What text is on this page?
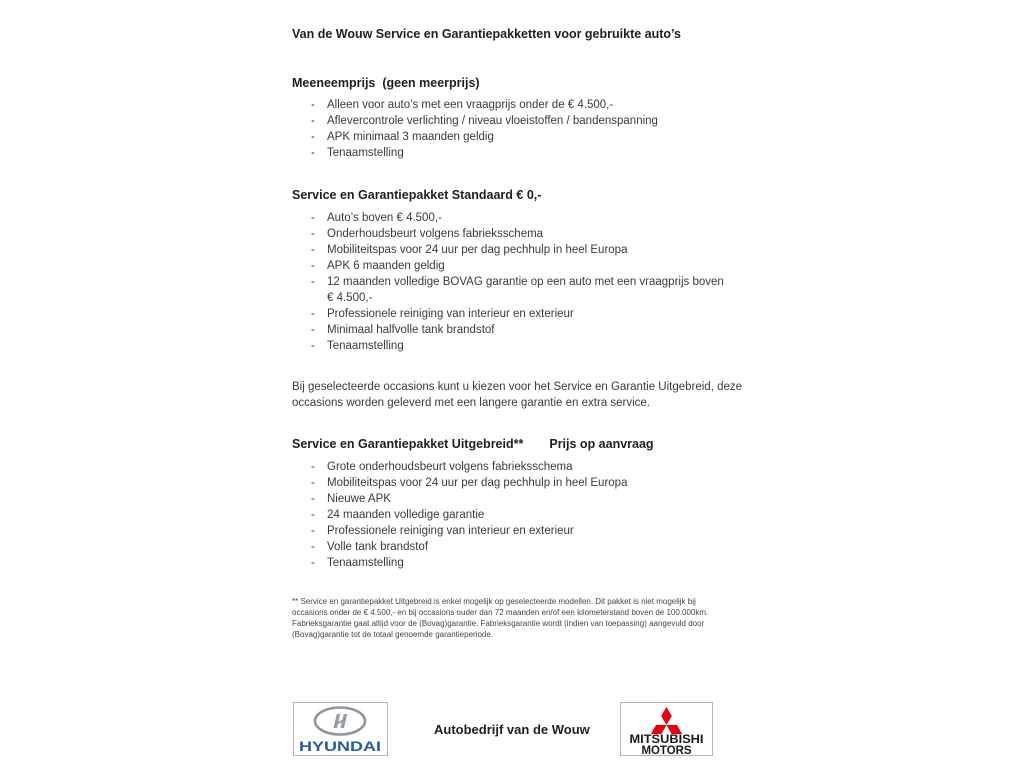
Van de Wouw Service en Garantiepakketten voor gebruikte auto’s
Meeneemprijs  (geen meerprijs)
- Alleen voor auto’s met een vraagprijs onder de € 4.500,-
- Aflevercontrole verlichting / niveau vloeistoffen / bandenspanning
- APK minimaal 3 maanden geldig
- Tenaamstelling
Service en Garantiepakket Standaard € 0,-
- Auto’s boven € 4.500,-
- Onderhoudsbeurt volgens fabrieksschema
- Mobiliteitspas voor 24 uur per dag pechhulp in heel Europa
- APK 6 maanden geldig
- 12 maanden volledige BOVAG garantie op een auto met een vraagprijs boven € 4.500,-
- Professionele reiniging van interieur en exterieur
- Minimaal halfvolle tank brandstof
- Tenaamstelling

Bij geselecteerde occasions kunt u kiezen voor het Service en Garantie Uitgebreid, deze occasions worden geleverd met een langere garantie en extra service.

Service en Garantiepakket Uitgebreid** Prijs op aanvraag
- Grote onderhoudsbeurt volgens fabrieksschema
- Mobiliteitspas voor 24 uur per dag pechhulp in heel Europa
- Nieuwe APK
- 24 maanden volledige garantie
- Professionele reiniging van interieur en exterieur
- Volle tank brandstof
- Tenaamstelling

** Service en garantiepakket Uitgebreid is enkel mogelijk op geselecteerde modellen. Dit pakket is niet mogelijk bij occasions onder de € 4.500,- en bij occasions ouder dan 72 maanden en/of een kilometerstand boven de 100.000km.  Fabrieksgarantie gaat altijd voor de (Bovag)garantie. Fabrieksgarantie wordt (indien van toepassing) aangevuld door (Bovag)garantie tot de totaal genoemde garantieperiode.

HYUNDAI
Autobedrijf van de Wouw
MITSUBISHI
MOTORS
